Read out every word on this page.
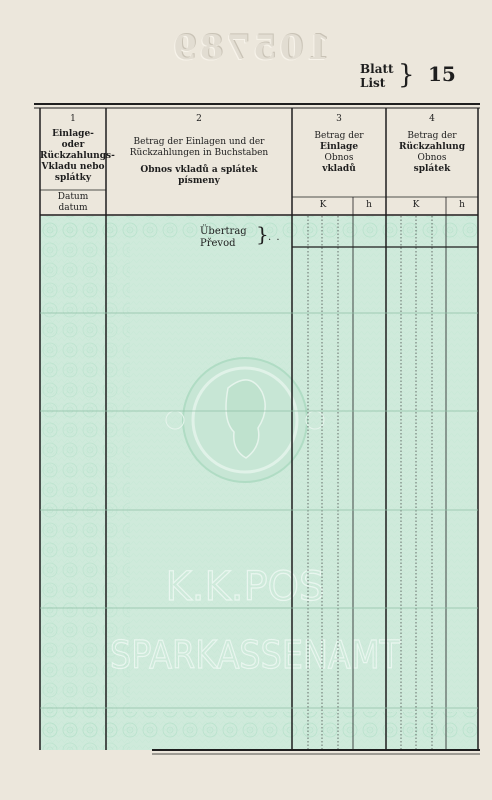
105789
Blatt
List } 15
K.K.POS
SPARKASSENAMT
1
Einlage- oder Rückzahlungs-
Vkladu nebo splátky
Datum
datum
2
Betrag der Einlagen und der Rückzahlungen in Buchstaben
Obnos vkladů a splátek písmeny
3
Betrag der
Einlage
Obnos
vkladů
K	h
4
Betrag der
Rückzahlung
Obnos
splátek
K	h
Übertrag
Převod	} . .
